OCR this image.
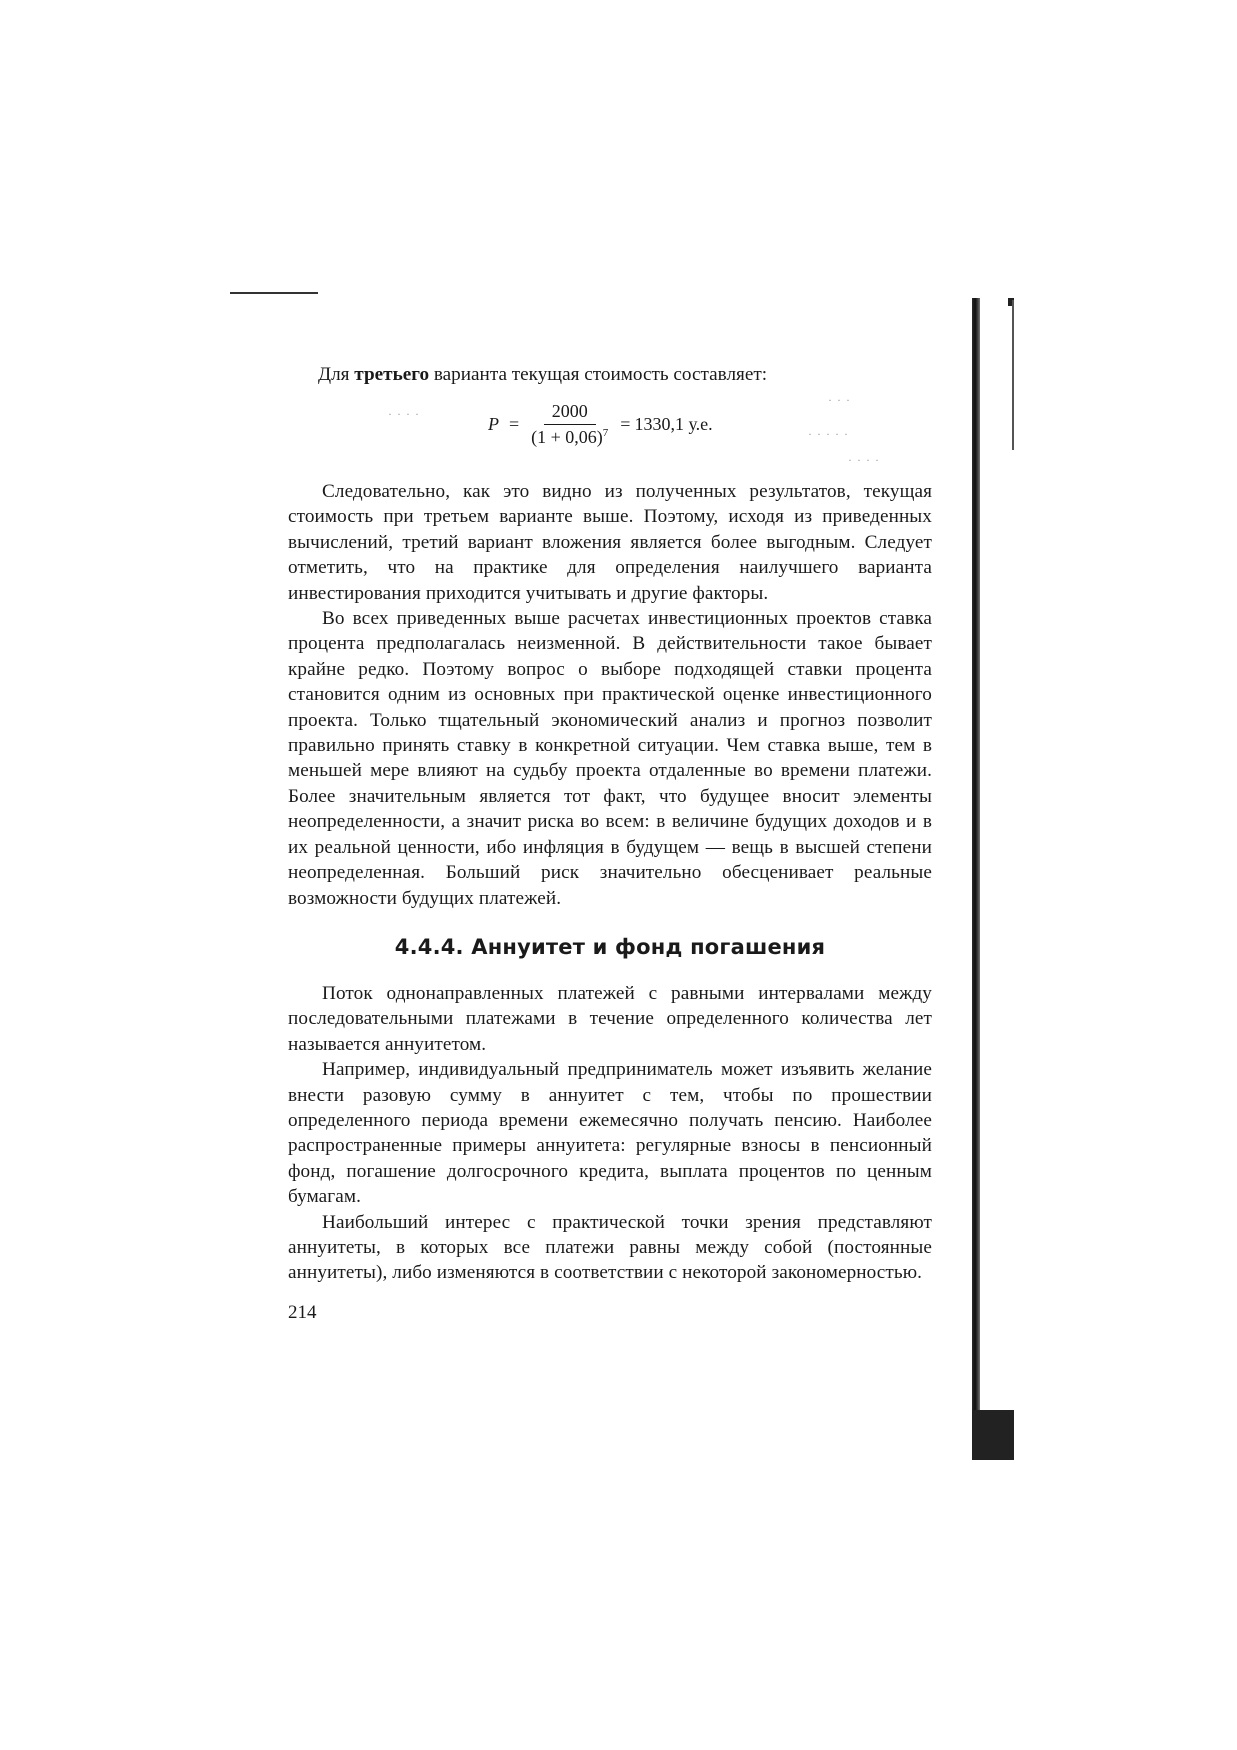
Для третьего варианта текущая стоимость составляет:

· · · ·
· · ·
· · · · ·
· · · ·
$P = \frac{2000}{(1 + 0,06)^7} = 1330,1$ у.е.

Следовательно, как это видно из полученных результатов, текущая стоимость при третьем варианте выше. Поэтому, исходя из приведенных вычислений, третий вариант вложения является более выгодным. Следует отметить, что на практике для определения наилучшего варианта инвестирования приходится учитывать и другие факторы.

Во всех приведенных выше расчетах инвестиционных проектов ставка процента предполагалась неизменной. В действительности такое бывает крайне редко. Поэтому вопрос о выборе подходящей ставки процента становится одним из основных при практической оценке инвестиционного проекта. Только тщательный экономический анализ и прогноз позволит правильно принять ставку в конкретной ситуации. Чем ставка выше, тем в меньшей мере влияют на судьбу проекта отдаленные во времени платежи. Более значительным является тот факт, что будущее вносит элементы неопределенности, а значит риска во всем: в величине будущих доходов и в их реальной ценности, ибо инфляция в будущем — вещь в высшей степени неопределенная. Больший риск значительно обесценивает реальные возможности будущих платежей.

4.4.4. Аннуитет и фонд погашения

Поток однонаправленных платежей с равными интервалами между последовательными платежами в течение определенного количества лет называется аннуитетом.

Например, индивидуальный предприниматель может изъявить желание внести разовую сумму в аннуитет с тем, чтобы по прошествии определенного периода времени ежемесячно получать пенсию. Наиболее распространенные примеры аннуитета: регулярные взносы в пенсионный фонд, погашение долгосрочного кредита, выплата процентов по ценным бумагам.

Наибольший интерес с практической точки зрения представляют аннуитеты, в которых все платежи равны между собой (постоянные аннуитеты), либо изменяются в соответствии с некоторой закономерностью.

214
